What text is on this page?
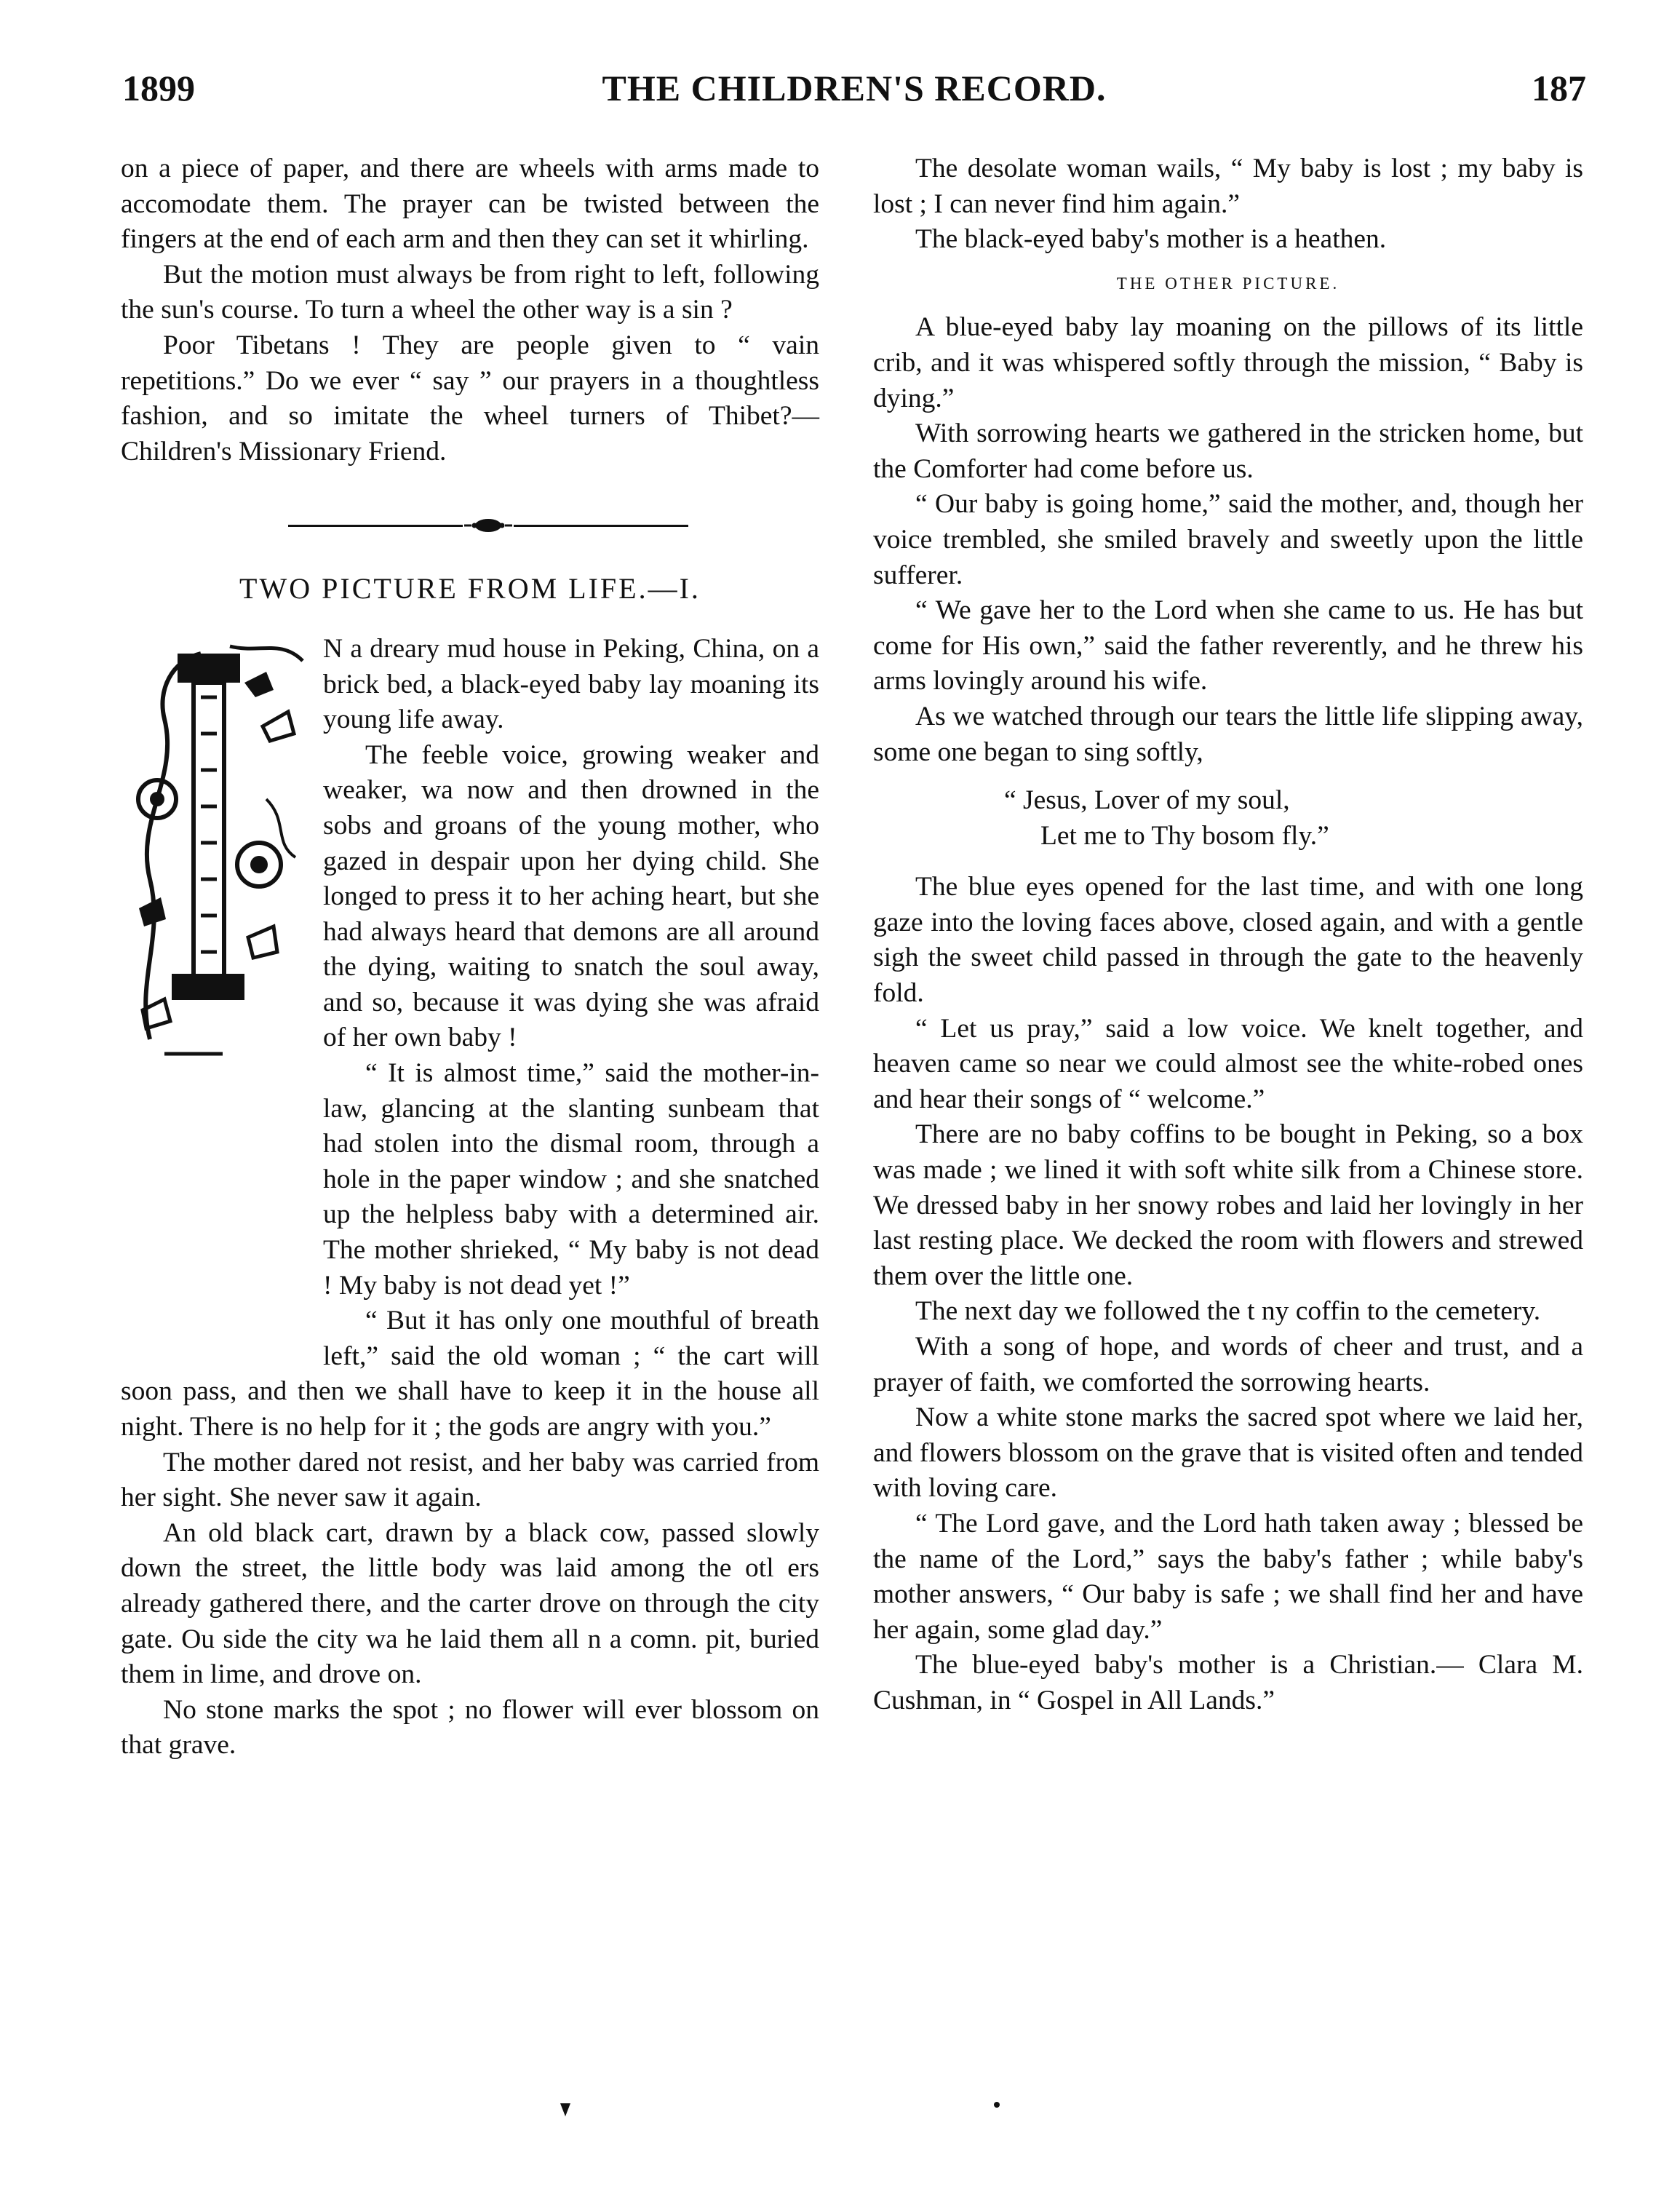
1899	THE CHILDREN'S RECORD.	187

on a piece of paper, and there are wheels with arms made to accomodate them. The prayer can be twisted between the fingers at the end of each arm and then they can set it whirling.

But the motion must always be from right to left, following the sun's course. To turn a wheel the other way is a sin ?

Poor Tibetans ! They are people given to “ vain repetitions.” Do we ever “ say ” our prayers in a thoughtless fashion, and so imitate the wheel turners of Thibet?—Children's Missionary Friend.

TWO PICTURE FROM LIFE.—I.

N a dreary mud house in Peking, China, on a brick bed, a black-eyed baby lay moaning its young life away.

The feeble voice, growing weaker and weaker, wa now and then drowned in the sobs and groans of the young mother, who gazed in despair upon her dying child. She longed to press it to her aching heart, but she had always heard that demons are all around the dying, waiting to snatch the soul away, and so, because it was dying she was afraid of her own baby !

“ It is almost time,” said the mother-in-law, glancing at the slanting sunbeam that had stolen into the dismal room, through a hole in the paper window ; and she snatched up the helpless baby with a determined air. The mother shrieked, “ My baby is not dead ! My baby is not dead yet !”

“ But it has only one mouthful of breath left,” said the old woman ; “ the cart will soon pass, and then we shall have to keep it in the house all night. There is no help for it ; the gods are angry with you.”

The mother dared not resist, and her baby was carried from her sight. She never saw it again.

An old black cart, drawn by a black cow, passed slowly down the street, the little body was laid among the otl ers already gathered there, and the carter drove on through the city gate. Ou side the city wa he laid them all n a comn. pit, buried them in lime, and drove on.

No stone marks the spot ; no flower will ever blossom on that grave.

The desolate woman wails, “ My baby is lost ; my baby is lost ; I can never find him again.”

The black-eyed baby's mother is a heathen.

THE OTHER PICTURE.

A blue-eyed baby lay moaning on the pillows of its little crib, and it was whispered softly through the mission, “ Baby is dying.”

With sorrowing hearts we gathered in the stricken home, but the Comforter had come before us.

“ Our baby is going home,” said the mother, and, though her voice trembled, she smiled bravely and sweetly upon the little sufferer.

“ We gave her to the Lord when she came to us. He has but come for His own,” said the father reverently, and he threw his arms lovingly around his wife.

As we watched through our tears the little life slipping away, some one began to sing softly,

“ Jesus, Lover of my soul,
Let me to Thy bosom fly.”

The blue eyes opened for the last time, and with one long gaze into the loving faces above, closed again, and with a gentle sigh the sweet child passed in through the gate to the heavenly fold.

“ Let us pray,” said a low voice. We knelt together, and heaven came so near we could almost see the white-robed ones and hear their songs of “ welcome.”

There are no baby coffins to be bought in Peking, so a box was made ; we lined it with soft white silk from a Chinese store. We dressed baby in her snowy robes and laid her lovingly in her last resting place. We decked the room with flowers and strewed them over the little one.

The next day we followed the t ny coffin to the cemetery.

With a song of hope, and words of cheer and trust, and a prayer of faith, we comforted the sorrowing hearts.

Now a white stone marks the sacred spot where we laid her, and flowers blossom on the grave that is visited often and tended with loving care.

“ The Lord gave, and the Lord hath taken away ; blessed be the name of the Lord,” says the baby's father ; while baby's mother answers, “ Our baby is safe ; we shall find her and have her again, some glad day.”

The blue-eyed baby's mother is a Christian.— Clara M. Cushman, in “ Gospel in All Lands.”
